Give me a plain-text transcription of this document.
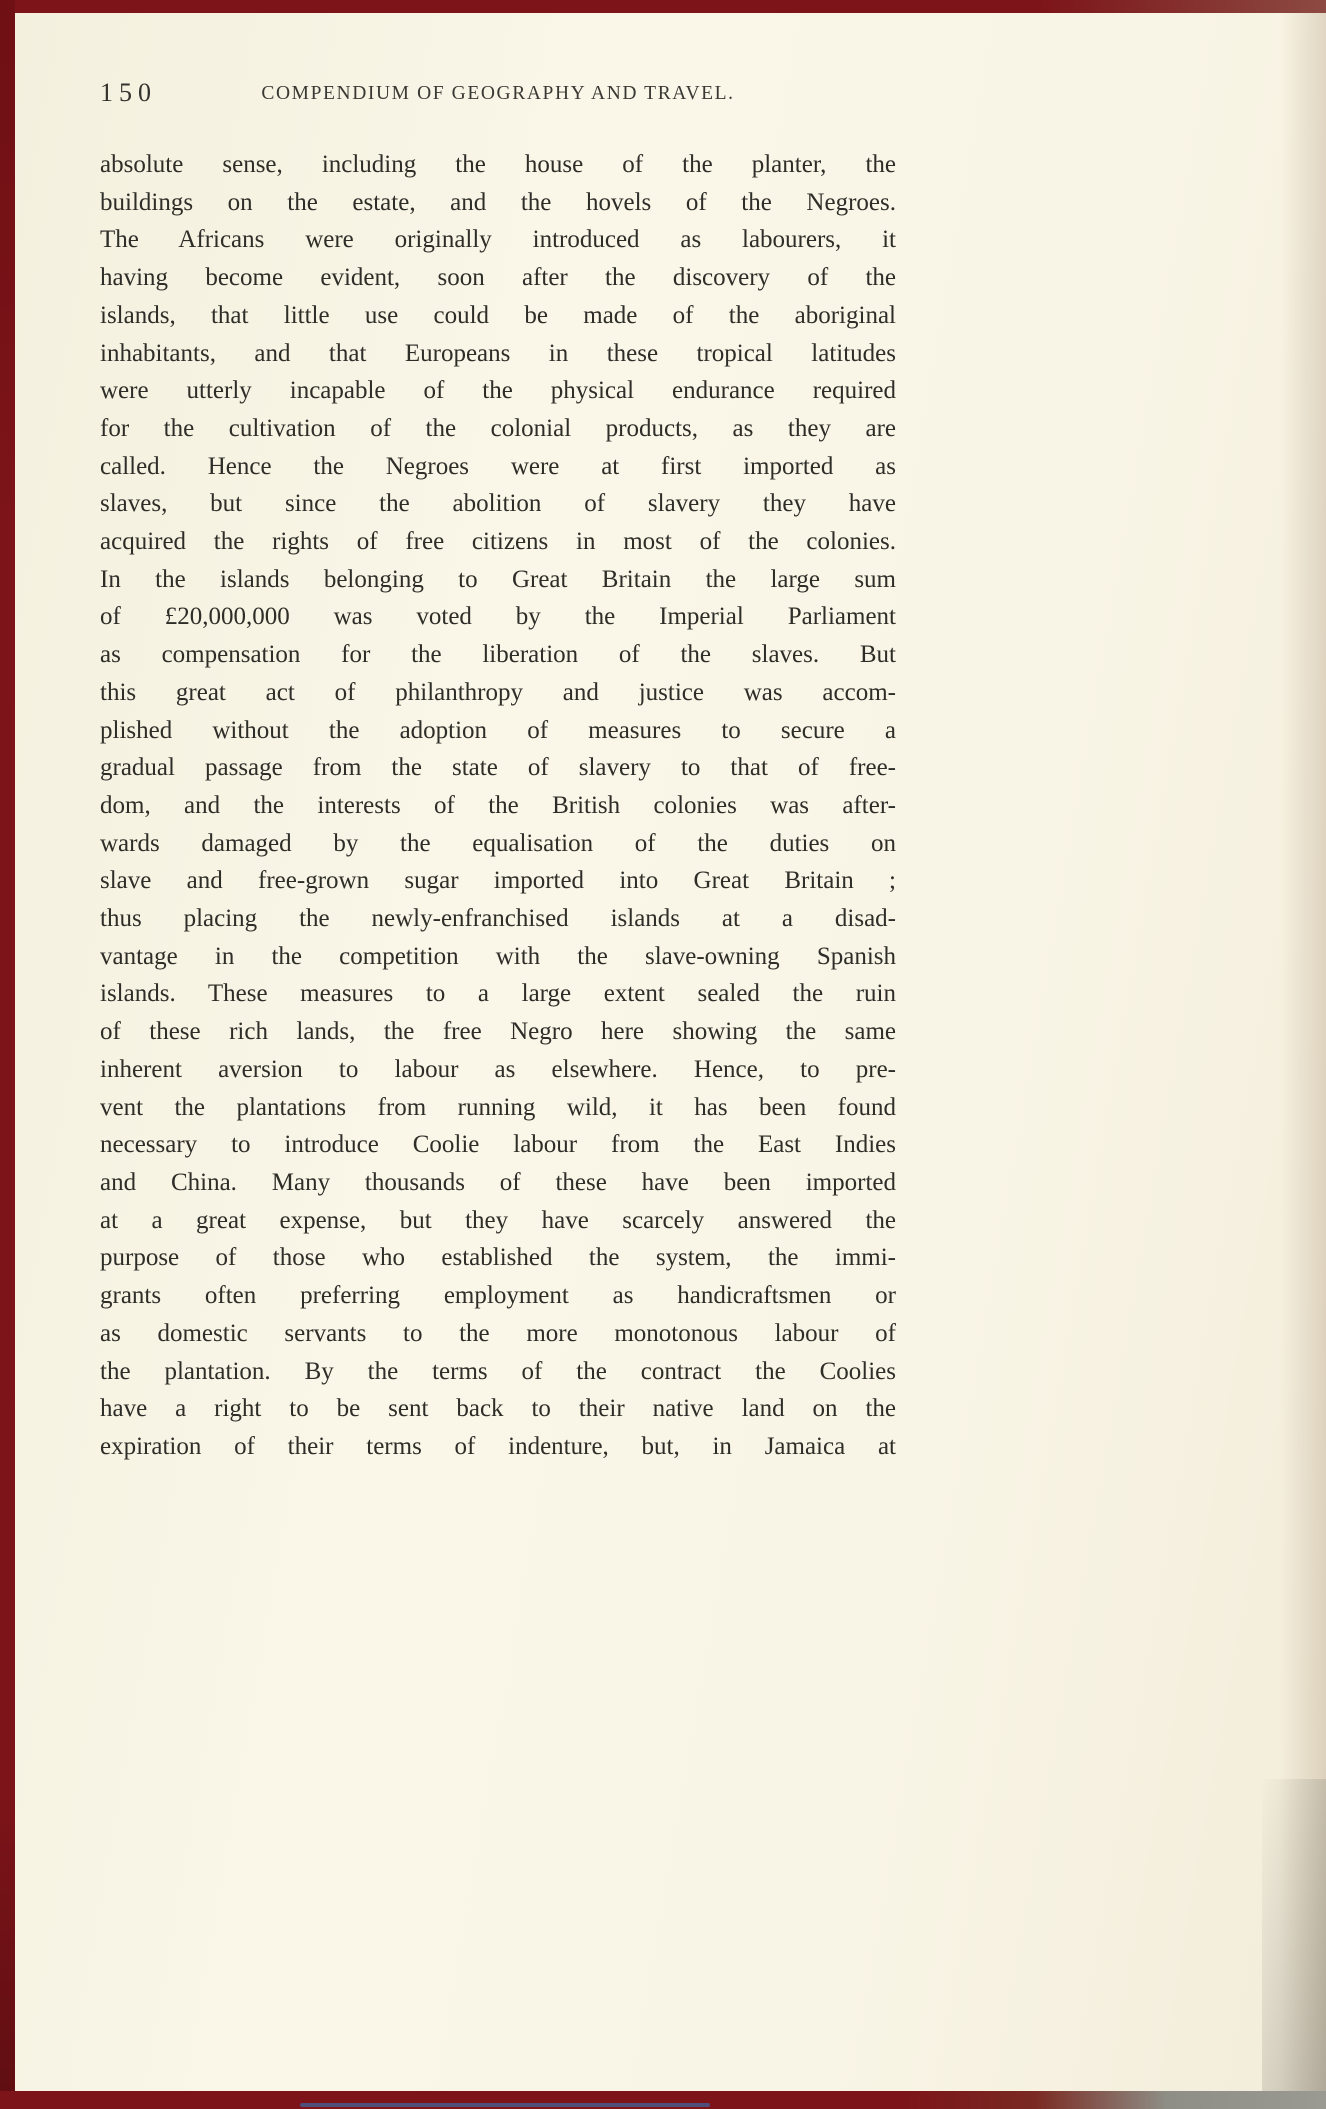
150	COMPENDIUM OF GEOGRAPHY AND TRAVEL.
absolute sense, including the house of the planter, the
buildings on the estate, and the hovels of the Negroes.
The Africans were originally introduced as labourers, it
having become evident, soon after the discovery of the
islands, that little use could be made of the aboriginal
inhabitants, and that Europeans in these tropical latitudes
were utterly incapable of the physical endurance required
for the cultivation of the colonial products, as they are
called. Hence the Negroes were at first imported as
slaves, but since the abolition of slavery they have
acquired the rights of free citizens in most of the colonies.
In the islands belonging to Great Britain the large sum
of £20,000,000 was voted by the Imperial Parliament
as compensation for the liberation of the slaves. But
this great act of philanthropy and justice was accom-
plished without the adoption of measures to secure a
gradual passage from the state of slavery to that of free-
dom, and the interests of the British colonies was after-
wards damaged by the equalisation of the duties on
slave and free-grown sugar imported into Great Britain ;
thus placing the newly-enfranchised islands at a disad-
vantage in the competition with the slave-owning Spanish
islands. These measures to a large extent sealed the ruin
of these rich lands, the free Negro here showing the same
inherent aversion to labour as elsewhere. Hence, to pre-
vent the plantations from running wild, it has been found
necessary to introduce Coolie labour from the East Indies
and China. Many thousands of these have been imported
at a great expense, but they have scarcely answered the
purpose of those who established the system, the immi-
grants often preferring employment as handicraftsmen or
as domestic servants to the more monotonous labour of
the plantation. By the terms of the contract the Coolies
have a right to be sent back to their native land on the
expiration of their terms of indenture, but, in Jamaica at
